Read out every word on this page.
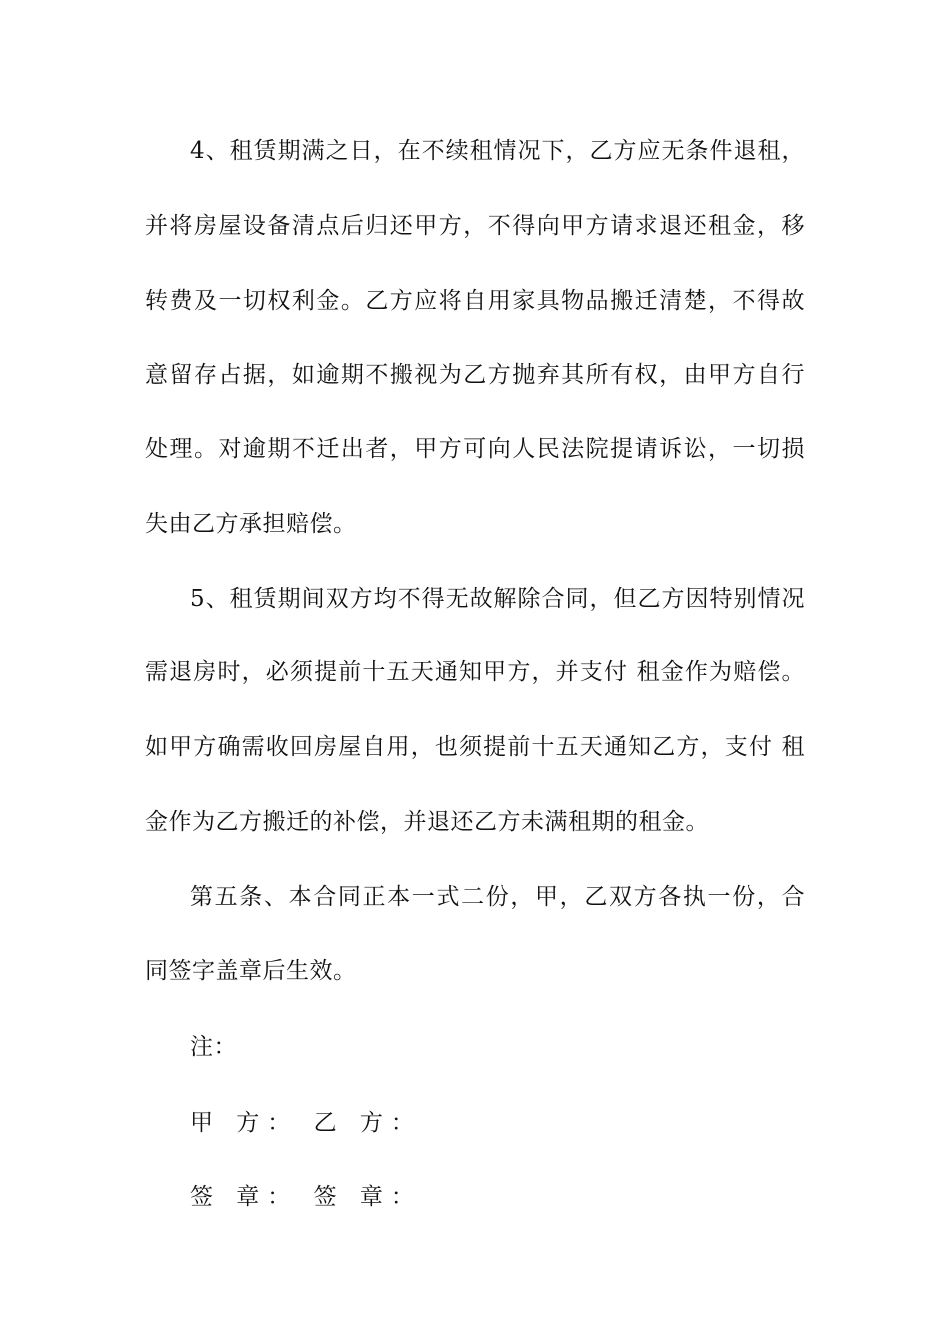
4、租赁期满之日，在不续租情况下，乙方应无条件退租，
并将房屋设备清点后归还甲方，不得向甲方请求退还租金，移
转费及一切权利金。乙方应将自用家具物品搬迁清楚，不得故
意留存占据，如逾期不搬视为乙方抛弃其所有权，由甲方自行
处理。对逾期不迁出者，甲方可向人民法院提请诉讼，一切损
失由乙方承担赔偿。
5、租赁期间双方均不得无故解除合同，但乙方因特别情况
需退房时，必须提前十五天通知甲方，并支付 租金作为赔偿。
如甲方确需收回房屋自用，也须提前十五天通知乙方，支付 租
金作为乙方搬迁的补偿，并退还乙方未满租期的租金。
第五条、本合同正本一式二份，甲，乙双方各执一份，合
同签字盖章后生效。
注：
甲 方： 乙 方：
签 章： 签 章：
